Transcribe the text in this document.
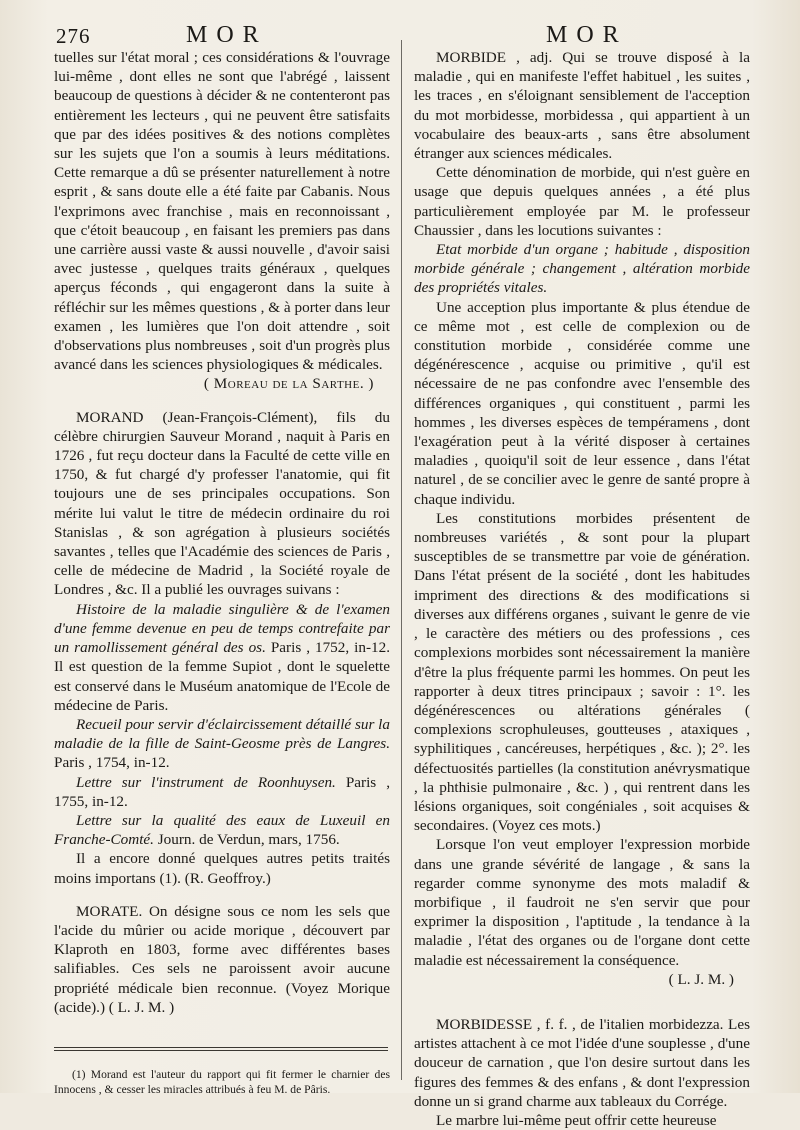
276	MOR	MOR

tuelles sur l'état moral ; ces considérations & l'ouvrage lui-même , dont elles ne sont que l'abrégé , laissent beaucoup de questions à décider & ne contenteront pas entièrement les lecteurs , qui ne peuvent être satisfaits que par des idées positives & des notions complètes sur les sujets que l'on a soumis à leurs méditations. Cette remarque a dû se présenter naturellement à notre esprit , & sans doute elle a été faite par Cabanis. Nous l'exprimons avec franchise , mais en reconnoissant , que c'étoit beaucoup , en faisant les premiers pas dans une carrière aussi vaste & aussi nouvelle , d'avoir saisi avec justesse , quelques traits généraux , quelques aperçus féconds , qui engageront dans la suite à réfléchir sur les mêmes questions , & à porter dans leur examen , les lumières que l'on doit attendre , soit d'observations plus nombreuses , soit d'un progrès plus avancé dans les sciences physiologiques & médicales.

( Moreau de la Sarthe. )

MORAND (Jean-François-Clément), fils du célèbre chirurgien Sauveur Morand , naquit à Paris en 1726 , fut reçu docteur dans la Faculté de cette ville en 1750, & fut chargé d'y professer l'anatomie, qui fit toujours une de ses principales occupations. Son mérite lui valut le titre de médecin ordinaire du roi Stanislas , & son agrégation à plusieurs sociétés savantes , telles que l'Académie des sciences de Paris , celle de médecine de Madrid , la Société royale de Londres , &c. Il a publié les ouvrages suivans :

Histoire de la maladie singulière & de l'examen d'une femme devenue en peu de temps contrefaite par un ramollissement général des os. Paris , 1752, in-12. Il est question de la femme Supiot , dont le squelette est conservé dans le Muséum anatomique de l'Ecole de médecine de Paris.

Recueil pour servir d'éclaircissement détaillé sur la maladie de la fille de Saint-Geosme près de Langres. Paris , 1754, in-12.

Lettre sur l'instrument de Roonhuysen. Paris , 1755, in-12.

Lettre sur la qualité des eaux de Luxeuil en Franche-Comté. Journ. de Verdun, mars, 1756.

Il a encore donné quelques autres petits traités moins importans (1). (R. Geoffroy.)

MORATE. On désigne sous ce nom les sels que l'acide du mûrier ou acide morique , découvert par Klaproth en 1803, forme avec différentes bases salifiables. Ces sels ne paroissent avoir aucune propriété médicale bien reconnue. (Voyez Morique (acide).) ( L. J. M. )

(1) Morand est l'auteur du rapport qui fit fermer le charnier des Innocens , & cesser les miracles attribués à feu M. de Pâris.

MORBIDE , adj. Qui se trouve disposé à la maladie , qui en manifeste l'effet habituel , les suites , les traces , en s'éloignant sensiblement de l'acception du mot morbidesse, morbidessa , qui appartient à un vocabulaire des beaux-arts , sans être absolument étranger aux sciences médicales.

Cette dénomination de morbide, qui n'est guère en usage que depuis quelques années , a été plus particulièrement employée par M. le professeur Chaussier , dans les locutions suivantes :

Etat morbide d'un organe ; habitude , disposition morbide générale ; changement , altération morbide des propriétés vitales.

Une acception plus importante & plus étendue de ce même mot , est celle de complexion ou de constitution morbide , considérée comme une dégénérescence , acquise ou primitive , qu'il est nécessaire de ne pas confondre avec l'ensemble des différences organiques , qui constituent , parmi les hommes , les diverses espèces de tempéramens , dont l'exagération peut à la vérité disposer à certaines maladies , quoiqu'il soit de leur essence , dans l'état naturel , de se concilier avec le genre de santé propre à chaque individu.

Les constitutions morbides présentent de nombreuses variétés , & sont pour la plupart susceptibles de se transmettre par voie de génération. Dans l'état présent de la société , dont les habitudes impriment des directions & des modifications si diverses aux différens organes , suivant le genre de vie , le caractère des métiers ou des professions , ces complexions morbides sont nécessairement la manière d'être la plus fréquente parmi les hommes. On peut les rapporter à deux titres principaux ; savoir : 1°. les dégénérescences ou altérations générales ( complexions scrophuleuses, goutteuses , ataxiques , syphilitiques , cancéreuses, herpétiques , &c. ); 2°. les défectuosités partielles (la constitution anévrysmatique , la phthisie pulmonaire , &c. ) , qui rentrent dans les lésions organiques, soit congéniales , soit acquises & secondaires. (Voyez ces mots.)

Lorsque l'on veut employer l'expression morbide dans une grande sévérité de langage , & sans la regarder comme synonyme des mots maladif & morbifique , il faudroit ne s'en servir que pour exprimer la disposition , l'aptitude , la tendance à la maladie , l'état des organes ou de l'organe dont cette maladie est nécessairement la conséquence.

( L. J. M. )

MORBIDESSE , f. f. , de l'italien morbidezza. Les artistes attachent à ce mot l'idée d'une souplesse , d'une douceur de carnation , que l'on desire surtout dans les figures des femmes & des enfans , & dont l'expression donne un si grand charme aux tableaux du Corrége.

Le marbre lui-même peut offrir cette heureuse
